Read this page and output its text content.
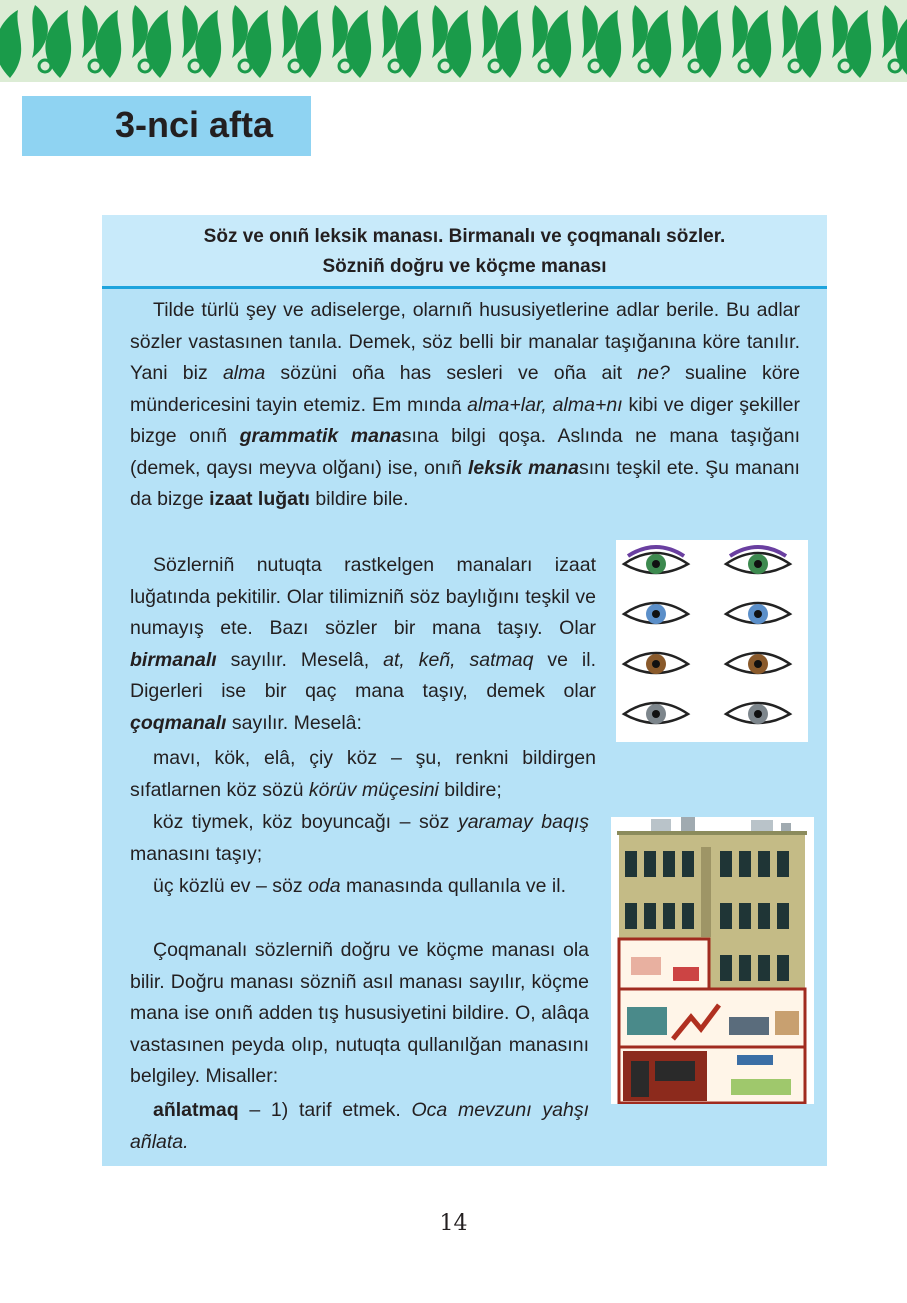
3-nci afta
Söz ve onıñ leksik manası. Birmanalı ve çoqmanalı sözler.
Sözniñ doğru ve köçme manası

Tilde türlü şey ve adiselerge, olarnıñ hususiyetlerine adlar berile. Bu adlar sözler vastasınen tanıla. Demek, söz belli bir manalar taşığanına köre tanılır. Yani biz alma sözüni oña has sesleri ve oña ait ne? sualine köre mündericesini tayin etemiz. Em mında alma+lar, alma+nı kibi ve diger şekiller bizge onıñ grammatik manasına bilgi qoşa. Aslında ne mana taşığanı (demek, qaysı meyva olğanı) ise, onıñ leksik manasını teşkil ete. Şu mananı da bizge izaat luğatı bildire bile.

Sözlerniñ nutuqta rastkelgen manaları izaat luğatında pekitilir. Olar tilimizniñ söz baylığını teşkil ve numayış ete. Bazı sözler bir mana taşıy. Olar birmanalı sayılır. Meselâ, at, keñ, satmaq ve il. Digerleri ise bir qaç mana taşıy, demek olar çoqmanalı sayılır. Meselâ:

mavı, kök, elâ, çiy köz – şu, renkni bildirgen sıfatlarnen köz sözü körüv müçesini bildire;

köz tiymek, köz boyuncağı – söz yaramay baqış manasını taşıy;

üç közlü ev – söz oda manasında qullanıla ve il.

Çoqmanalı sözlerniñ doğru ve köçme manası ola bilir. Doğru manası sözniñ asıl manası sayılır, köçme mana ise onıñ adden tış hususiyetini bildire. O, alâqa vastasınen peyda olıp, nutuqta qullanılğan manasını belgiley. Misaller:

añlatmaq – 1) tarif etmek. Oca mevzunı yahşı añlata.

14
